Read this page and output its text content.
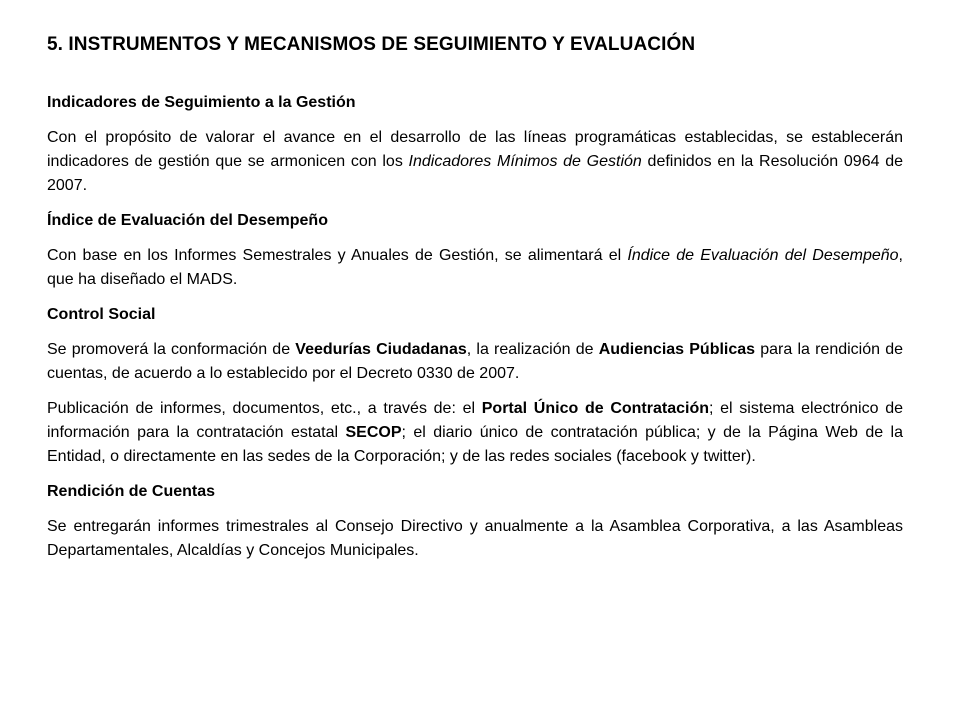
5. INSTRUMENTOS Y MECANISMOS DE SEGUIMIENTO Y EVALUACIÓN
Indicadores de Seguimiento a la Gestión
Con el propósito de valorar el avance en el desarrollo de las líneas programáticas establecidas, se establecerán indicadores de gestión que se armonicen con los Indicadores Mínimos de Gestión definidos en la Resolución 0964 de 2007.
Índice de Evaluación del Desempeño
Con base en los Informes Semestrales y Anuales de Gestión, se alimentará el Índice de Evaluación del Desempeño, que ha diseñado el MADS.
Control Social
Se promoverá la conformación de Veedurías Ciudadanas, la realización de Audiencias Públicas para la rendición de cuentas, de acuerdo a lo establecido por el Decreto 0330 de 2007.
Publicación de informes, documentos, etc., a través de: el Portal Único de Contratación; el sistema electrónico de información para la contratación estatal SECOP; el diario único de contratación pública; y de la Página Web de la Entidad, o directamente en las sedes de la Corporación; y de las redes sociales (facebook y twitter).
Rendición de Cuentas
Se entregarán informes trimestrales al Consejo Directivo y anualmente a la Asamblea Corporativa, a las Asambleas Departamentales, Alcaldías y Concejos Municipales.
